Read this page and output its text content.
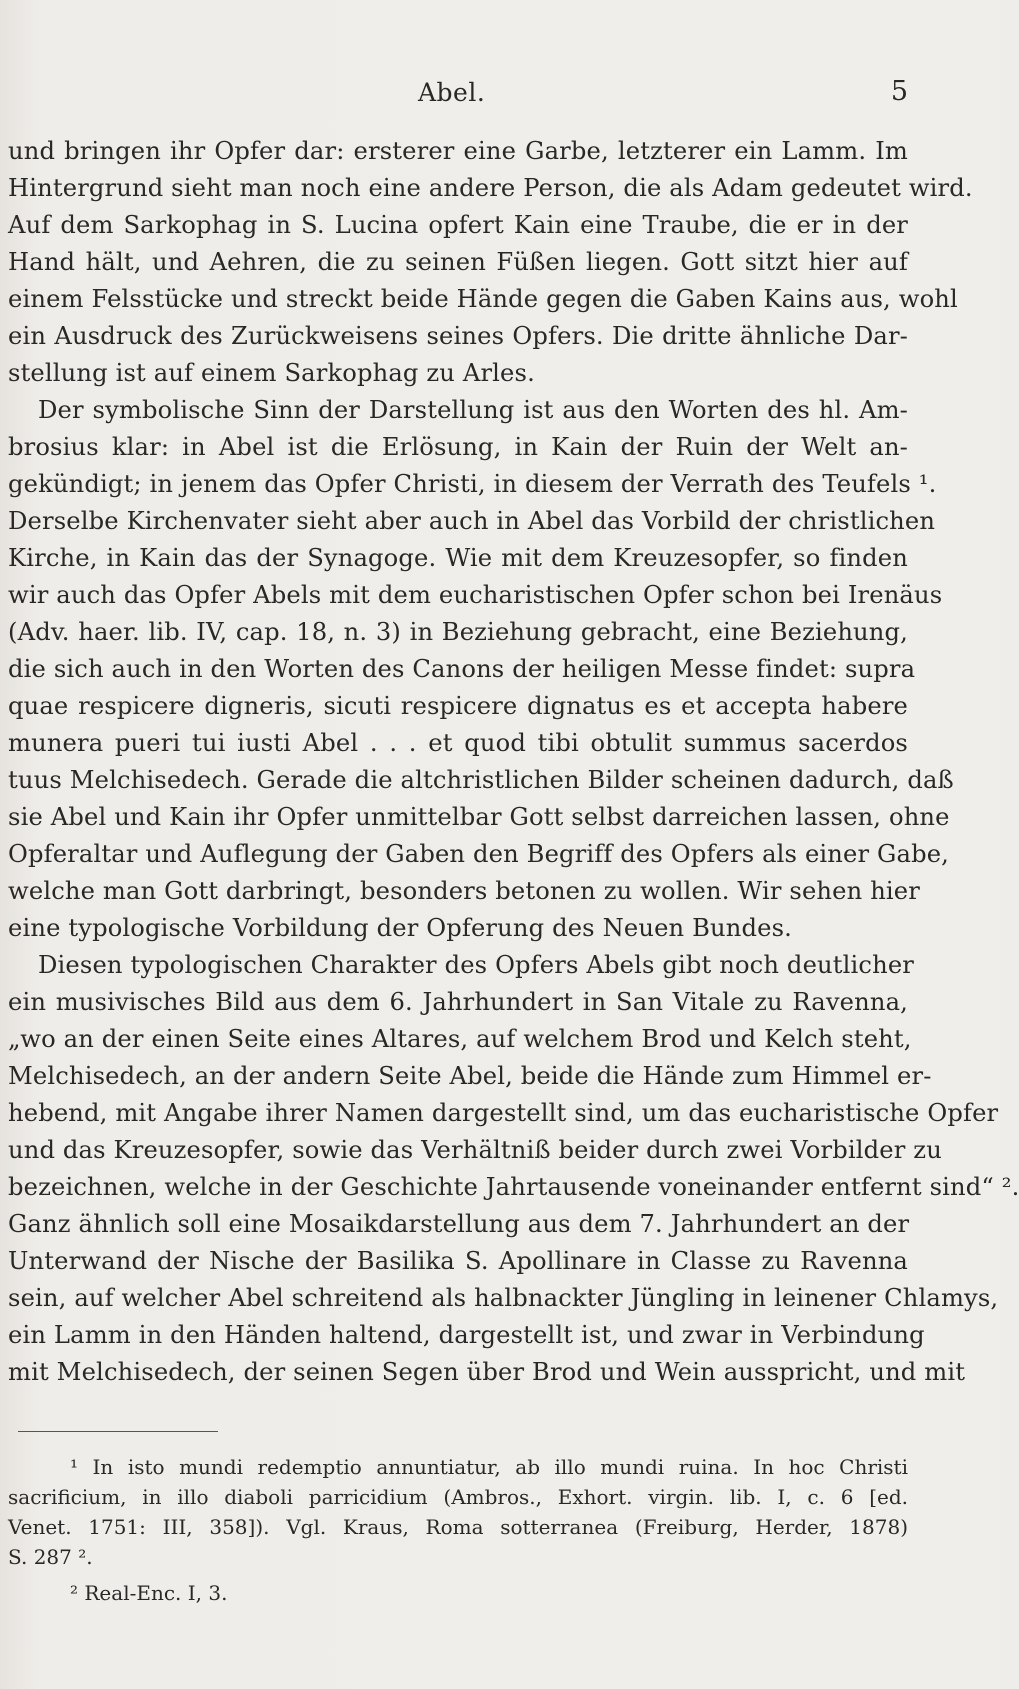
Abel.	5
und bringen ihr Opfer dar: ersterer eine Garbe, letzterer ein Lamm. Im
Hintergrund sieht man noch eine andere Person, die als Adam gedeutet wird.
Auf dem Sarkophag in S. Lucina opfert Kain eine Traube, die er in der
Hand hält, und Aehren, die zu seinen Füßen liegen. Gott sitzt hier auf
einem Felsstücke und streckt beide Hände gegen die Gaben Kains aus, wohl
ein Ausdruck des Zurückweisens seines Opfers. Die dritte ähnliche Dar-
stellung ist auf einem Sarkophag zu Arles.
Der symbolische Sinn der Darstellung ist aus den Worten des hl. Am-
brosius klar: in Abel ist die Erlösung, in Kain der Ruin der Welt an-
gekündigt; in jenem das Opfer Christi, in diesem der Verrath des Teufels ¹.
Derselbe Kirchenvater sieht aber auch in Abel das Vorbild der christlichen
Kirche, in Kain das der Synagoge. Wie mit dem Kreuzesopfer, so finden
wir auch das Opfer Abels mit dem eucharistischen Opfer schon bei Irenäus
(Adv. haer. lib. IV, cap. 18, n. 3) in Beziehung gebracht, eine Beziehung,
die sich auch in den Worten des Canons der heiligen Messe findet: supra
quae respicere digneris, sicuti respicere dignatus es et accepta habere
munera pueri tui iusti Abel . . . et quod tibi obtulit summus sacerdos
tuus Melchisedech. Gerade die altchristlichen Bilder scheinen dadurch, daß
sie Abel und Kain ihr Opfer unmittelbar Gott selbst darreichen lassen, ohne
Opferaltar und Auflegung der Gaben den Begriff des Opfers als einer Gabe,
welche man Gott darbringt, besonders betonen zu wollen. Wir sehen hier
eine typologische Vorbildung der Opferung des Neuen Bundes.
Diesen typologischen Charakter des Opfers Abels gibt noch deutlicher
ein musivisches Bild aus dem 6. Jahrhundert in San Vitale zu Ravenna,
„wo an der einen Seite eines Altares, auf welchem Brod und Kelch steht,
Melchisedech, an der andern Seite Abel, beide die Hände zum Himmel er-
hebend, mit Angabe ihrer Namen dargestellt sind, um das eucharistische Opfer
und das Kreuzesopfer, sowie das Verhältniß beider durch zwei Vorbilder zu
bezeichnen, welche in der Geschichte Jahrtausende voneinander entfernt sind“ ².
Ganz ähnlich soll eine Mosaikdarstellung aus dem 7. Jahrhundert an der
Unterwand der Nische der Basilika S. Apollinare in Classe zu Ravenna
sein, auf welcher Abel schreitend als halbnackter Jüngling in leinener Chlamys,
ein Lamm in den Händen haltend, dargestellt ist, und zwar in Verbindung
mit Melchisedech, der seinen Segen über Brod und Wein ausspricht, und mit
¹ In isto mundi redemptio annuntiatur, ab illo mundi ruina. In hoc Christi
sacrificium, in illo diaboli parricidium (Ambros., Exhort. virgin. lib. I, c. 6 [ed.
Venet. 1751: III, 358]). Vgl. Kraus, Roma sotterranea (Freiburg, Herder, 1878)
S. 287 ².
² Real-Enc. I, 3.
